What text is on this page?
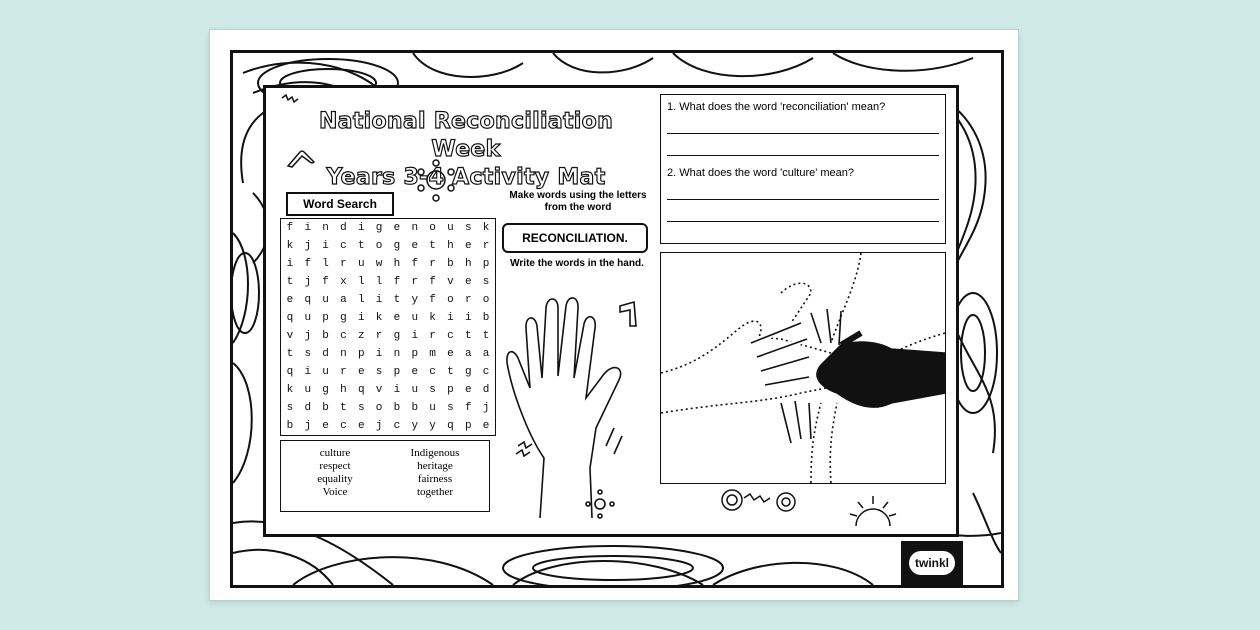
National Reconciliation Week
Years 3-4 Activity Mat
Word Search
f	i	n	d	i	g	e	n	o	u	s	k
k	j	i	c	t	o	g	e	t	h	e	r
i	f	l	r	u	w	h	f	r	b	h	p
t	j	f	x	l	l	f	r	f	v	e	s
e	q	u	a	l	i	t	y	f	o	r	o
q	u	p	g	i	k	e	u	k	i	i	b
v	j	b	c	z	r	g	i	r	c	t	t
t	s	d	n	p	i	n	p	m	e	a	a
q	i	u	r	e	s	p	e	c	t	g	c
k	u	g	h	q	v	i	u	s	p	e	d
s	d	b	t	s	o	b	b	u	s	f	j
b	j	e	c	e	j	c	y	y	q	p	e
culture
respect
equality
Voice
Indigenous
heritage
fairness
together
Make words using the letters from the word
RECONCILIATION.
Write the words in the hand.
1. What does the word 'reconciliation' mean?
2. What does the word 'culture' mean?
twinkl
